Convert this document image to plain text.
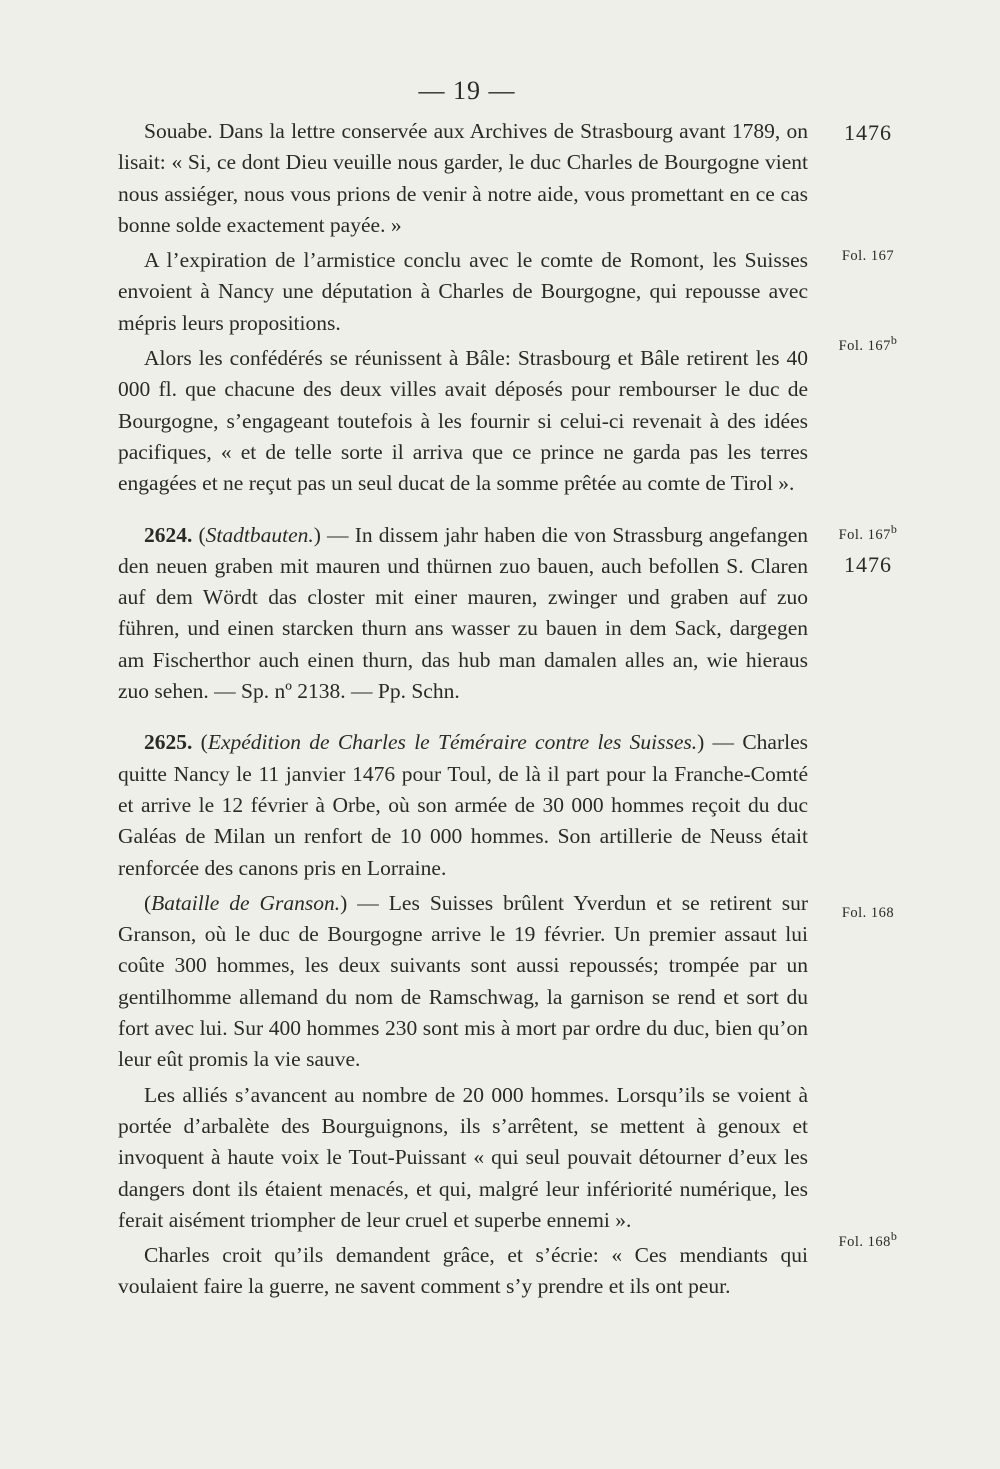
— 19 —

Souabe. Dans la lettre conservée aux Archives de Strasbourg avant 1789, on lisait: « Si, ce dont Dieu veuille nous garder, le duc Charles de Bourgogne vient nous assiéger, nous vous prions de venir à notre aide, vous promettant en ce cas bonne solde exactement payée. »

A l’expiration de l’armistice conclu avec le comte de Romont, les Suisses envoient à Nancy une députation à Charles de Bourgogne, qui repousse avec mépris leurs propositions.

Alors les confédérés se réunissent à Bâle: Strasbourg et Bâle retirent les 40 000 fl. que chacune des deux villes avait déposés pour rembourser le duc de Bourgogne, s’engageant toutefois à les fournir si celui-ci revenait à des idées pacifiques, « et de telle sorte il arriva que ce prince ne garda pas les terres engagées et ne reçut pas un seul ducat de la somme prêtée au comte de Tirol ».

2624. (Stadtbauten.) — In dissem jahr haben die von Strassburg angefangen den neuen graben mit mauren und thürnen zuo bauen, auch befollen S. Claren auf dem Wördt das closter mit einer mauren, zwinger und graben auf zuo führen, und einen starcken thurn ans wasser zu bauen in dem Sack, dargegen am Fischerthor auch einen thurn, das hub man damalen alles an, wie hieraus zuo sehen. — Sp. nº 2138. — Pp. Schn.

2625. (Expédition de Charles le Téméraire contre les Suisses.) — Charles quitte Nancy le 11 janvier 1476 pour Toul, de là il part pour la Franche-Comté et arrive le 12 février à Orbe, où son armée de 30 000 hommes reçoit du duc Galéas de Milan un renfort de 10 000 hommes. Son artillerie de Neuss était renforcée des canons pris en Lorraine.

(Bataille de Granson.) — Les Suisses brûlent Yverdun et se retirent sur Granson, où le duc de Bourgogne arrive le 19 février. Un premier assaut lui coûte 300 hommes, les deux suivants sont aussi repoussés; trompée par un gentilhomme allemand du nom de Ramschwag, la garnison se rend et sort du fort avec lui. Sur 400 hommes 230 sont mis à mort par ordre du duc, bien qu’on leur eût promis la vie sauve.

Les alliés s’avancent au nombre de 20 000 hommes. Lorsqu’ils se voient à portée d’arbalète des Bourguignons, ils s’arrêtent, se mettent à genoux et invoquent à haute voix le Tout-Puissant « qui seul pouvait détourner d’eux les dangers dont ils étaient menacés, et qui, malgré leur infériorité numérique, les ferait aisément triompher de leur cruel et superbe ennemi ».

Charles croit qu’ils demandent grâce, et s’écrie: « Ces mendiants qui voulaient faire la guerre, ne savent comment s’y prendre et ils ont peur.

1476
Fol. 167
Fol. 167$^b$
Fol. 167$^b$
1476
Fol. 168
Fol. 168$^b$
